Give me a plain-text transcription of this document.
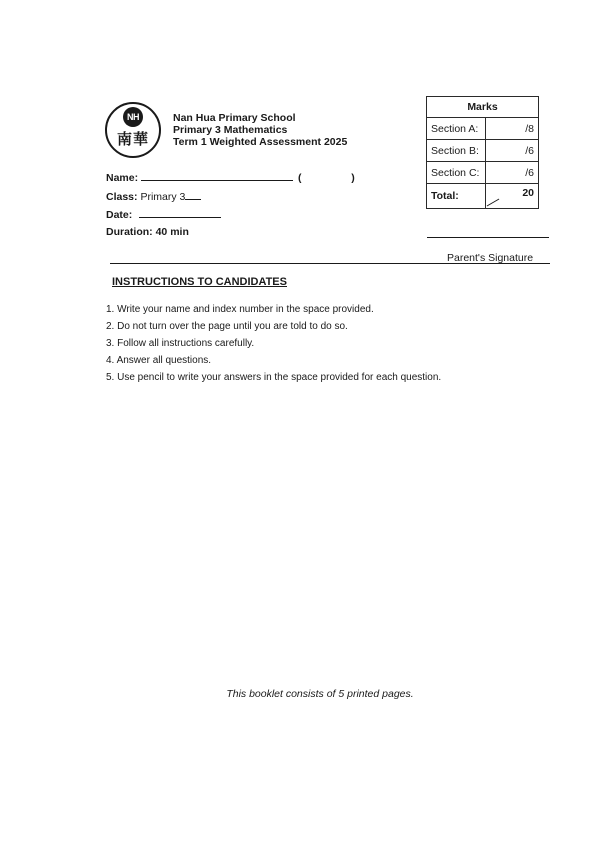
NH
南華
Nan Hua Primary School
Primary 3 Mathematics
Term 1 Weighted Assessment 2025
Name:	(	)
Class: Primary 3
Date:
Duration: 40 min
Marks	
Section A:	/8
Section B:	/6
Section C:	/6
Total:	20
Parent's Signature
INSTRUCTIONS TO CANDIDATES
1. Write your name and index number in the space provided.
2. Do not turn over the page until you are told to do so.
3. Follow all instructions carefully.
4. Answer all questions.
5. Use pencil to write your answers in the space provided for each question.
This booklet consists of 5 printed pages.
